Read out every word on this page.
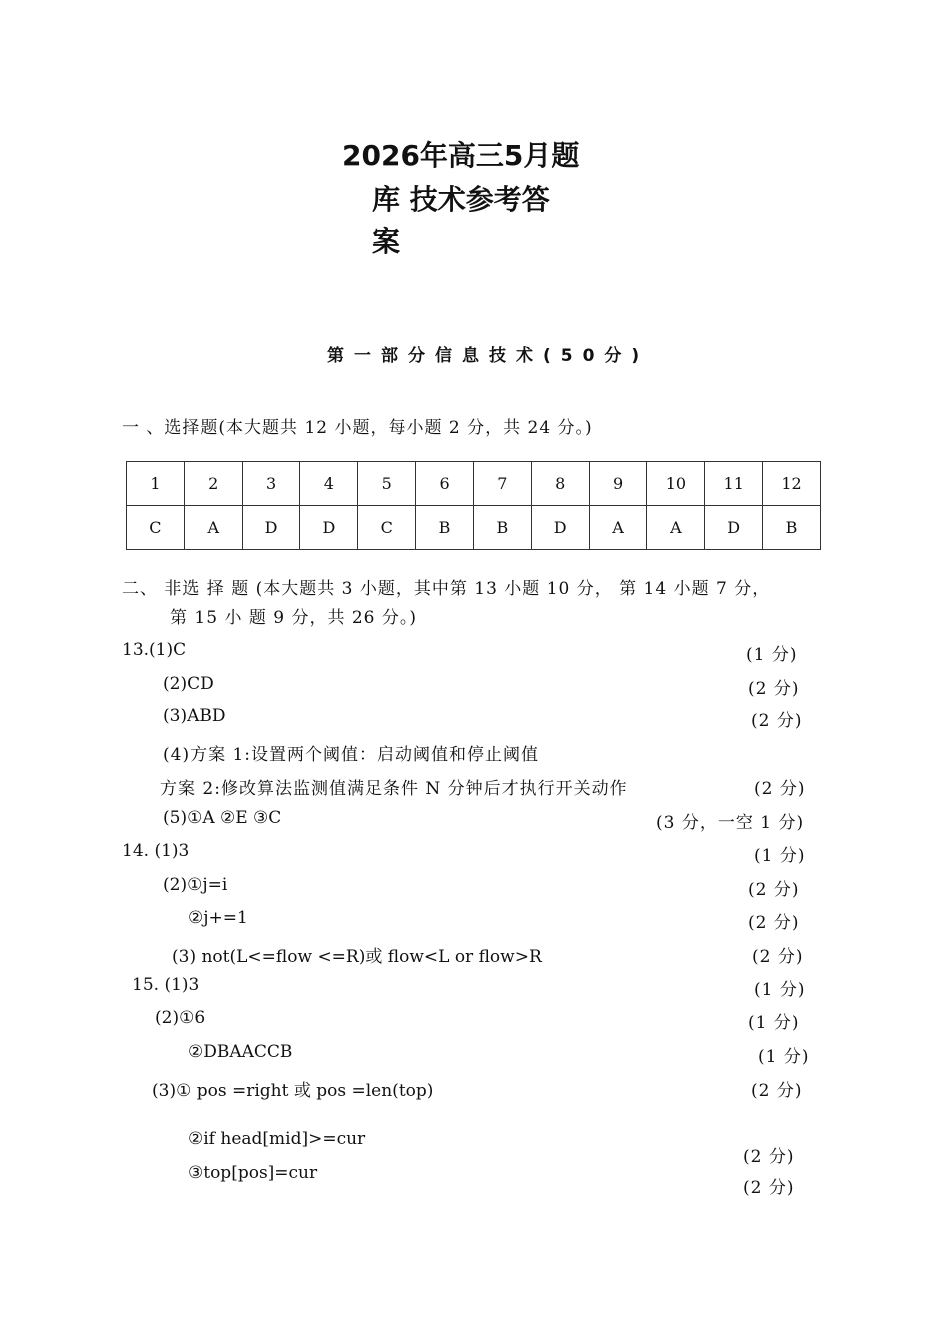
2026年高三5月题
库 技术参考答
案
第一部分信息技术(50分)
一 、选择题(本大题共 12 小题，每小题 2 分，共 24 分。)
1	2	3	4	5	6	7	8	9	10	11	12
C	A	D	D	C	B	B	D	A	A	D	B
二、 非选 择 题 (本大题共 3 小题，其中第 13 小题 10 分， 第 14 小题 7 分，
第 15 小 题 9 分，共 26 分。)
13.(1)C	(1 分)
(2)CD	(2 分)
(3)ABD	(2 分)
(4)方案 1:设置两个阈值：启动阈值和停止阈值
方案 2:修改算法监测值满足条件 N 分钟后才执行开关动作	(2 分)
(5)①A ②E ③C	(3 分，一空 1 分)
14. (1)3	(1 分)
(2)①j=i	(2 分)
②j+=1	(2 分)
(3) not(L<=flow <=R)或 flow<L or flow>R	(2 分)
15. (1)3	(1 分)
(2)①6	(1 分)
②DBAACCB	(1 分)
(3)① pos =right 或 pos =len(top)	(2 分)
②if head[mid]>=cur
(2 分)
③top[pos]=cur
(2 分)
